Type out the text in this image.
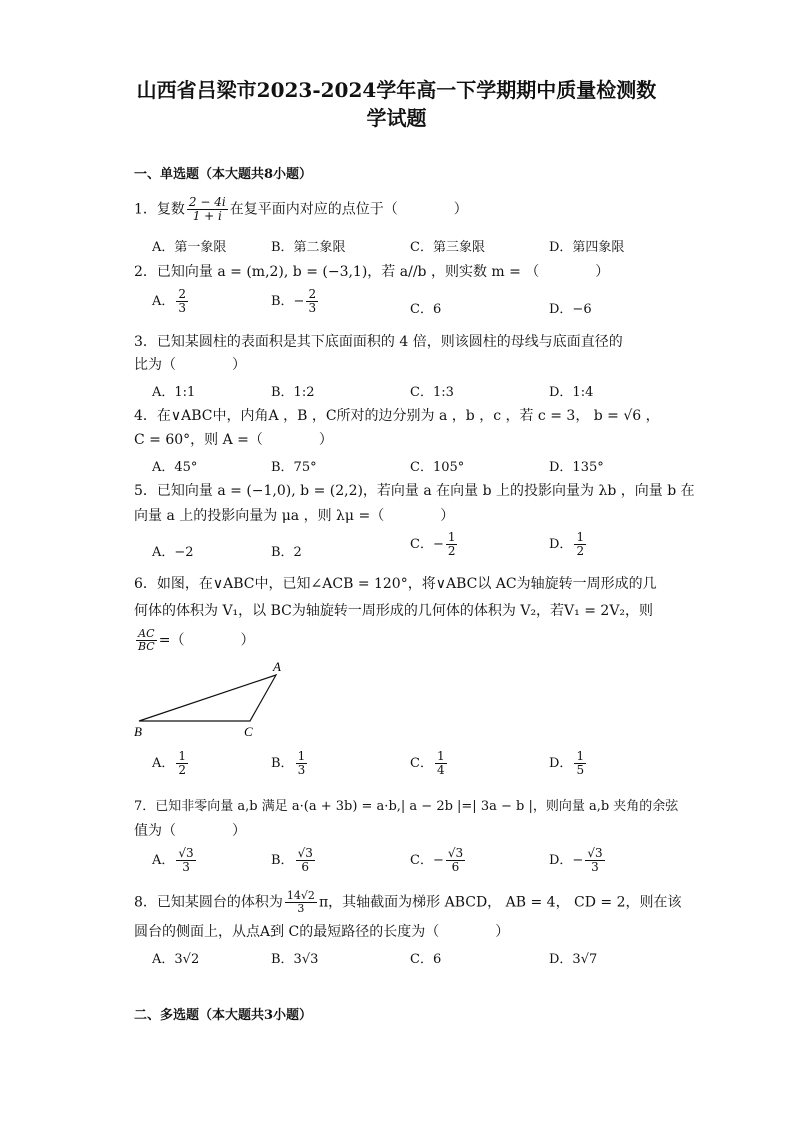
山西省吕梁市2023-2024学年高一下学期期中质量检测数
学试题
一、单选题（本大题共8小题）
1．复数 $\frac{2 - 4i}{1 + i}$ 在复平面内对应的点位于（　　　　）
A．第一象限	B．第二象限	C．第三象限	D．第四象限
2．已知向量 a = (m,2), b = (−3,1)，若 a//b ，则实数 m = （　　　　）
A． $\frac{2}{3}$	B．− $\frac{2}{3}$	C．6	D．−6
3．已知某圆柱的表面积是其下底面面积的 4 倍，则该圆柱的母线与底面直径的
比为（　　　　）
A．1:1	B．1:2	C．1:3	D．1:4
4．在∨ABC中，内角A ，B ，C所对的边分别为 a ，b ，c ，若 c = 3， b = √6 ，
C = 60°，则 A =（　　　　）
A．45°	B．75°	C．105°	D．135°
5．已知向量 a = (−1,0), b = (2,2)，若向量 a 在向量 b 上的投影向量为 λb ，向量 b 在
向量 a 上的投影向量为 μa ，则 λμ =（　　　　）
A．−2	B．2
C．− $\frac{1}{2}$	D． $\frac{1}{2}$
6．如图，在∨ABC中，已知∠ACB = 120°，将∨ABC以 AC为轴旋转一周形成的几
何体的体积为 V₁，以 BC为轴旋转一周形成的几何体的体积为 V₂，若V₁ = 2V₂，则
$\frac{AC}{BC}$ =（　　　　）
A
B	C
A． $\frac{1}{2}$	B． $\frac{1}{3}$	C． $\frac{1}{4}$	D． $\frac{1}{5}$
7．已知非零向量 a,b 满足 a·(a + 3b) = a·b,| a − 2b |=| 3a − b |，则向量 a,b 夹角的余弦
值为（　　　　）
A． $\frac{√3}{3}$	B． $\frac{√3}{6}$	C．− $\frac{√3}{6}$	D．− $\frac{√3}{3}$
8．已知某圆台的体积为 $\frac{14√2}{3}$ π，其轴截面为梯形 ABCD， AB = 4， CD = 2，则在该
圆台的侧面上，从点A到 C的最短路径的长度为（　　　　）
A．3√2	B．3√3	C．6	D．3√7
二、多选题（本大题共3小题）
